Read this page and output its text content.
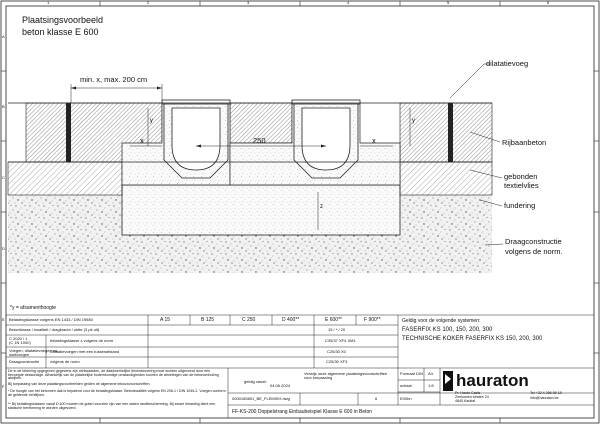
1	2	3	4	5	6
A
B
C
D
E
F
Plaatsingsvoorbeeld
beton klasse E 600
min. x, max. 200 cm
250
x	x
y	y
z
dilatatievoeg
Rijbaanbeton
gebonden
textielvlies
fundering
Draagconstructie
volgens de norm.
*y = afsamenthoogte
Belastingsklasse volgens EN 1433 / DIN 19580	A 15	B 125	C 250	D 400**	E 600**	F 900**
Betonklasse / kwaliteit / dragkracht / oktte (3 pk ult)	15 / * / 20
C 2020 / 1
(C 1N 1000)	belastingsklasse x volgens de norm	C35/37 XF4 XM1
Voegen, dilatatievoegen en
sluitvoegen
Dilatatievoegen met een tussenafstand	C25/30 X0
Draagconstructie	volgens de norm	C25/30 XF3
Geldig voor de volgende systemen:
FASERFIX KS 100, 150, 200, 300
TECHNISCHE KOKER FASERFIX KS 150, 200, 300
De in de tekening opgegeven gegevens zijn richtwaarden, de daadwerkelijke dimensionering moet worden uitgevoerd door een bevoegde deskundige. Afhankelijk van de plaatselijke bodemkundige omstandigheden kunnen de afmetingen van de betonomhulling afwijken.
Bij toepassing van deze plaatsingsvoorbeelden gelden de algemene inbouwvoorschriften.
* De hoogte van het betonnen dak is bepalend voor de belastingsklasse. Betonkwaliteit volgens EN 206-1 / DIN 1045-2. Voegen conform de geldende richtlijnen.
** Bij belastingsklassen vanaf D 400 moeten de goten voorzien zijn van een stalen randbescherming. Bij zware belasting dient een statische berekening te worden uitgevoerd.
geldig vanaf:
04.06.2024
Verwijs onze algemene plaatsingsvoorschriften voor toepassing
0000165691_BE_FLEMISH.dwg	6
Formaat DIN A4
schaal	1:8
E00hn
hauraton
Pr. Hauto Caels
Zeekoelen straten 24
4845 Kauttal
Tel +32 4 286 95 18
info@hauraton.be
FF-KS-200 Doppelstrang Einbaubeispiel Klasse E 600 in Beton
